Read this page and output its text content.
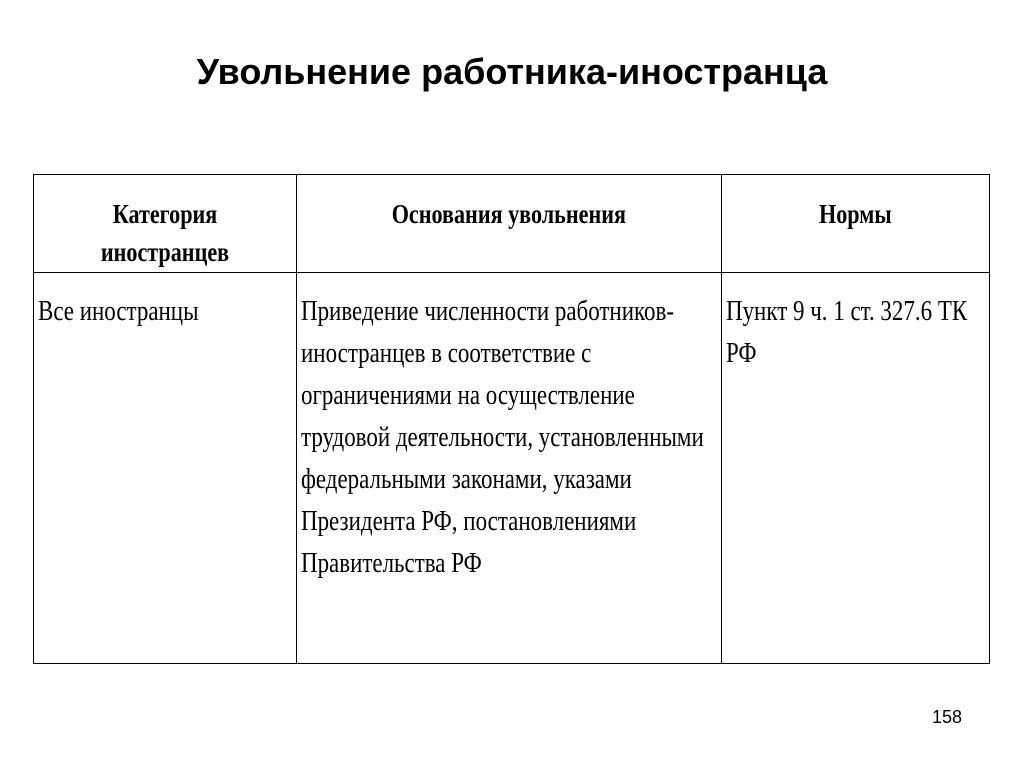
Увольнение работника-иностранца
Категория иностранцев	Основания увольнения	Нормы
Все иностранцы	Приведение численности работников-иностранцев в соответствие с ограничениями на осуществление трудовой деятельности, установленными федеральными законами, указами Президента РФ, постановлениями Правительства РФ	Пункт 9 ч. 1 ст. 327.6 ТК РФ
158
